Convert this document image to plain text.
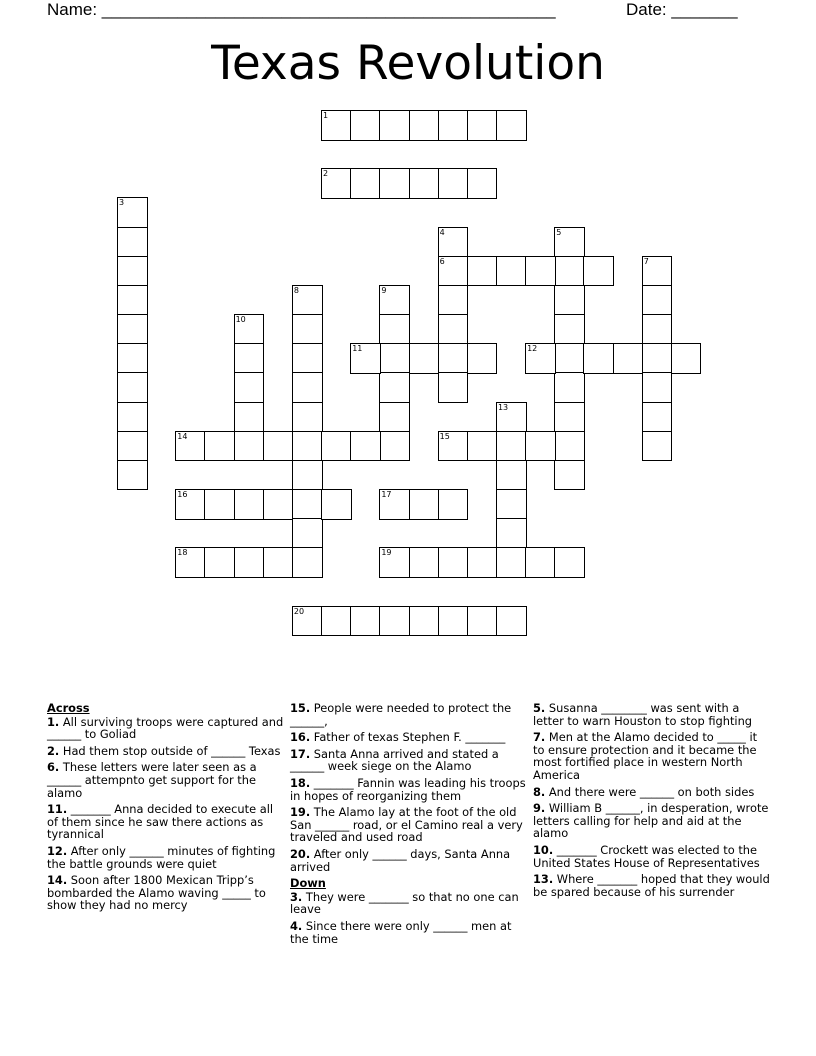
Name: ________________________________________________	Date: _______
Texas Revolution
1
2
3
4
6
5
7
8	9
10
11	12
13
14	15
16	17
18	19
20
Across
1. All surviving troops were captured and ______ to Goliad
2. Had them stop outside of ______ Texas
6. These letters were later seen as a ______ attempnto get support for the alamo
11. _______ Anna decided to execute all of them since he saw there actions as tyrannical
12. After only ______ minutes of fighting the battle grounds were quiet
14. Soon after 1800 Mexican Tripp’s bombarded the Alamo waving _____ to show they had no mercy
15. People were needed to protect the ______,
16. Father of texas Stephen F. _______
17. Santa Anna arrived and stated a ______ week siege on the Alamo
18. _______ Fannin was leading his troops in hopes of reorganizing them
19. The Alamo lay at the foot of the old San ______ road, or el Camino real a very traveled and used road
20. After only ______ days, Santa Anna arrived
Down
3. They were _______ so that no one can leave
4. Since there were only ______ men at the time
5. Susanna ________ was sent with a letter to warn Houston to stop fighting
7. Men at the Alamo decided to _____ it to ensure protection and it became the most fortified place in western North America
8. And there were ______ on both sides
9. William B ______, in desperation, wrote letters calling for help and aid at the alamo
10. _______ Crockett was elected to the United States House of Representatives
13. Where _______ hoped that they would be spared because of his surrender
